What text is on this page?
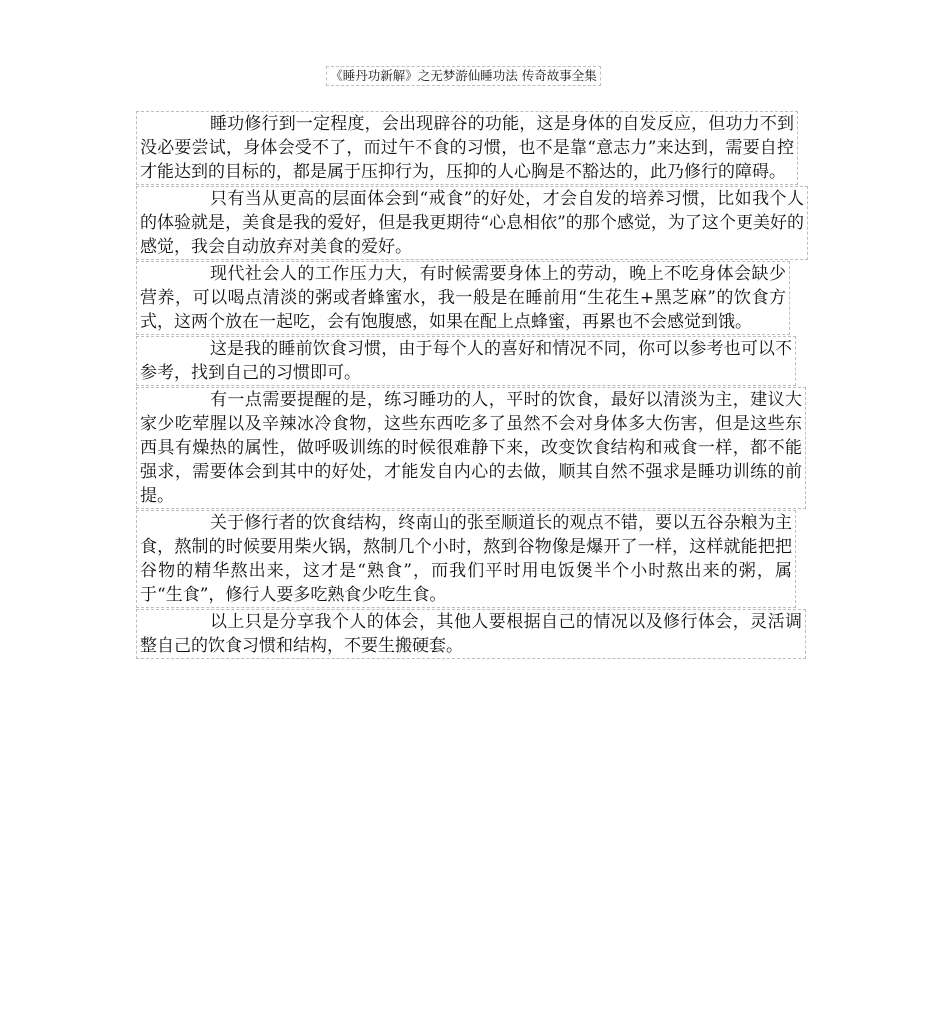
《睡丹功新解》之无梦游仙睡功法 传奇故事全集

睡功修行到一定程度，会出现辟谷的功能，这是身体的自发反应，但功力不到没必要尝试，身体会受不了，而过午不食的习惯，也不是靠“意志力”来达到，需要自控才能达到的目标的，都是属于压抑行为，压抑的人心胸是不豁达的，此乃修行的障碍。

只有当从更高的层面体会到“戒食”的好处，才会自发的培养习惯，比如我个人的体验就是，美食是我的爱好，但是我更期待“心息相依”的那个感觉，为了这个更美好的感觉，我会自动放弃对美食的爱好。

现代社会人的工作压力大，有时候需要身体上的劳动，晚上不吃身体会缺少营养，可以喝点清淡的粥或者蜂蜜水，我一般是在睡前用“生花生+黑芝麻”的饮食方式，这两个放在一起吃，会有饱腹感，如果在配上点蜂蜜，再累也不会感觉到饿。

这是我的睡前饮食习惯，由于每个人的喜好和情况不同，你可以参考也可以不参考，找到自己的习惯即可。

有一点需要提醒的是，练习睡功的人，平时的饮食，最好以清淡为主，建议大家少吃荤腥以及辛辣冰冷食物，这些东西吃多了虽然不会对身体多大伤害，但是这些东西具有燥热的属性，做呼吸训练的时候很难静下来，改变饮食结构和戒食一样，都不能强求，需要体会到其中的好处，才能发自内心的去做，顺其自然不强求是睡功训练的前提。

关于修行者的饮食结构，终南山的张至顺道长的观点不错，要以五谷杂粮为主食，熬制的时候要用柴火锅，熬制几个小时，熬到谷物像是爆开了一样，这样就能把把谷物的精华熬出来，这才是“熟食”，而我们平时用电饭煲半个小时熬出来的粥，属于“生食”，修行人要多吃熟食少吃生食。

以上只是分享我个人的体会，其他人要根据自己的情况以及修行体会，灵活调整自己的饮食习惯和结构，不要生搬硬套。
